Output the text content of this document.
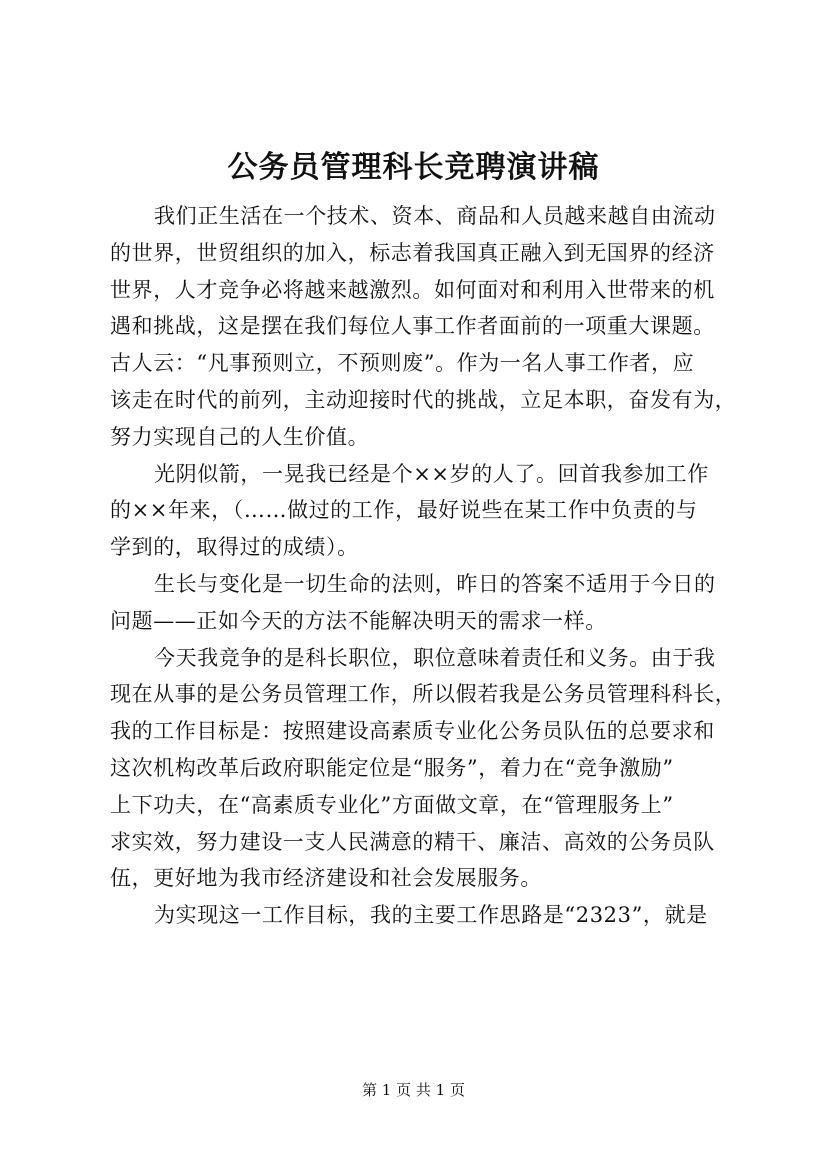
公务员管理科长竞聘演讲稿
我们正生活在一个技术、资本、商品和人员越来越自由流动
的世界，世贸组织的加入，标志着我国真正融入到无国界的经济
世界，人才竞争必将越来越激烈。如何面对和利用入世带来的机
遇和挑战，这是摆在我们每位人事工作者面前的一项重大课题。
古人云：“凡事预则立，不预则废”。作为一名人事工作者，应
该走在时代的前列，主动迎接时代的挑战，立足本职，奋发有为，
努力实现自己的人生价值。
光阴似箭，一晃我已经是个××岁的人了。回首我参加工作
的××年来，（……做过的工作，最好说些在某工作中负责的与
学到的，取得过的成绩）。
生长与变化是一切生命的法则，昨日的答案不适用于今日的
问题——正如今天的方法不能解决明天的需求一样。
今天我竞争的是科长职位，职位意味着责任和义务。由于我
现在从事的是公务员管理工作，所以假若我是公务员管理科科长，
我的工作目标是：按照建设高素质专业化公务员队伍的总要求和
这次机构改革后政府职能定位是“服务”，着力在“竞争激励”
上下功夫，在“高素质专业化”方面做文章，在“管理服务上”
求实效，努力建设一支人民满意的精干、廉洁、高效的公务员队
伍，更好地为我市经济建设和社会发展服务。
为实现这一工作目标，我的主要工作思路是“2323”，就是
第 1 页 共 1 页
